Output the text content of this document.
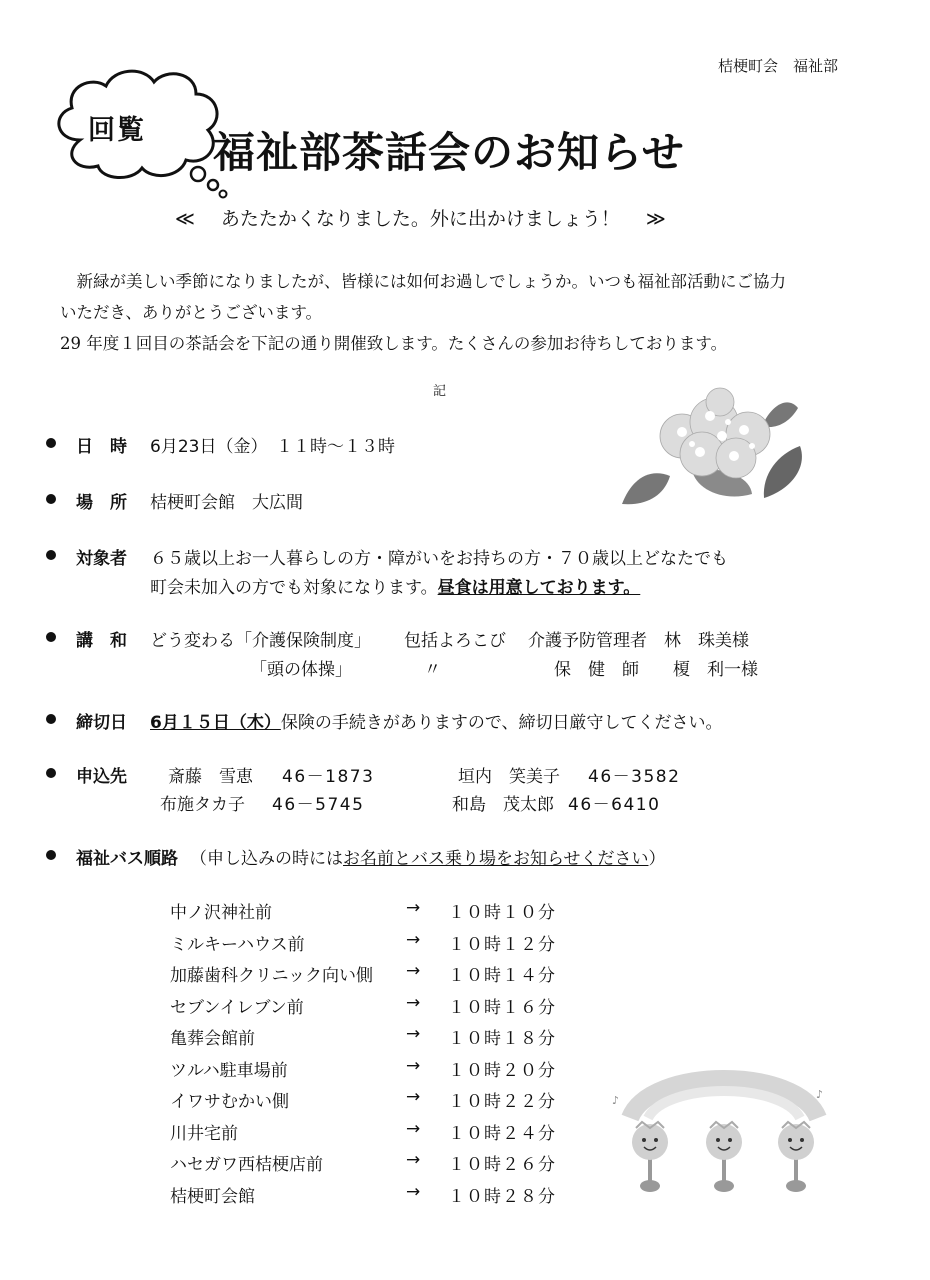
桔梗町会　福祉部
回覧 福祉部茶話会のお知らせ
≪ あたたかくなりました。外に出かけましょう！ ≫

新緑が美しい季節になりましたが、皆様には如何お過しでしょうか。いつも福祉部活動にご協力

いただき、ありがとうございます。

29 年度１回目の茶話会を下記の通り開催致します。たくさんの参加お待ちしております。

記
日　時 6月23日（金）　１１時～１３時
場　所 桔梗町会館　大広間
対象者 ６５歳以上お一人暮らしの方・障がいをお持ちの方・７０歳以上どなたでも
町会未加入の方でも対象になります。昼食は用意しております。
講　和 どう変わる「介護保険制度」 包括よろこび 介護予防管理者　林　珠美様
「頭の体操」	〃	保　健　師　　榎　利一様
締切日 6月１５日（木）保険の手続きがありますので、締切日厳守してください。
申込先 斎藤　雪恵 46－1873	垣内　笑美子 46－3582
布施タカ子 46－5745	和島　茂太郎 46－6410
福祉バス順路 （申し込みの時にはお名前とバス乗り場をお知らせください）
中ノ沢神社前	→ １０時１０分
ミルキーハウス前	→ １０時１２分
加藤歯科クリニック向い側 → １０時１４分
セブンイレブン前	→ １０時１６分
亀葬会館前	→ １０時１８分
ツルハ駐車場前	→ １０時２０分
イワサむかい側	→ １０時２２分
川井宅前	→ １０時２４分
ハセガワ西桔梗店前	→ １０時２６分
桔梗町会館	→ １０時２８分
♪	♪
